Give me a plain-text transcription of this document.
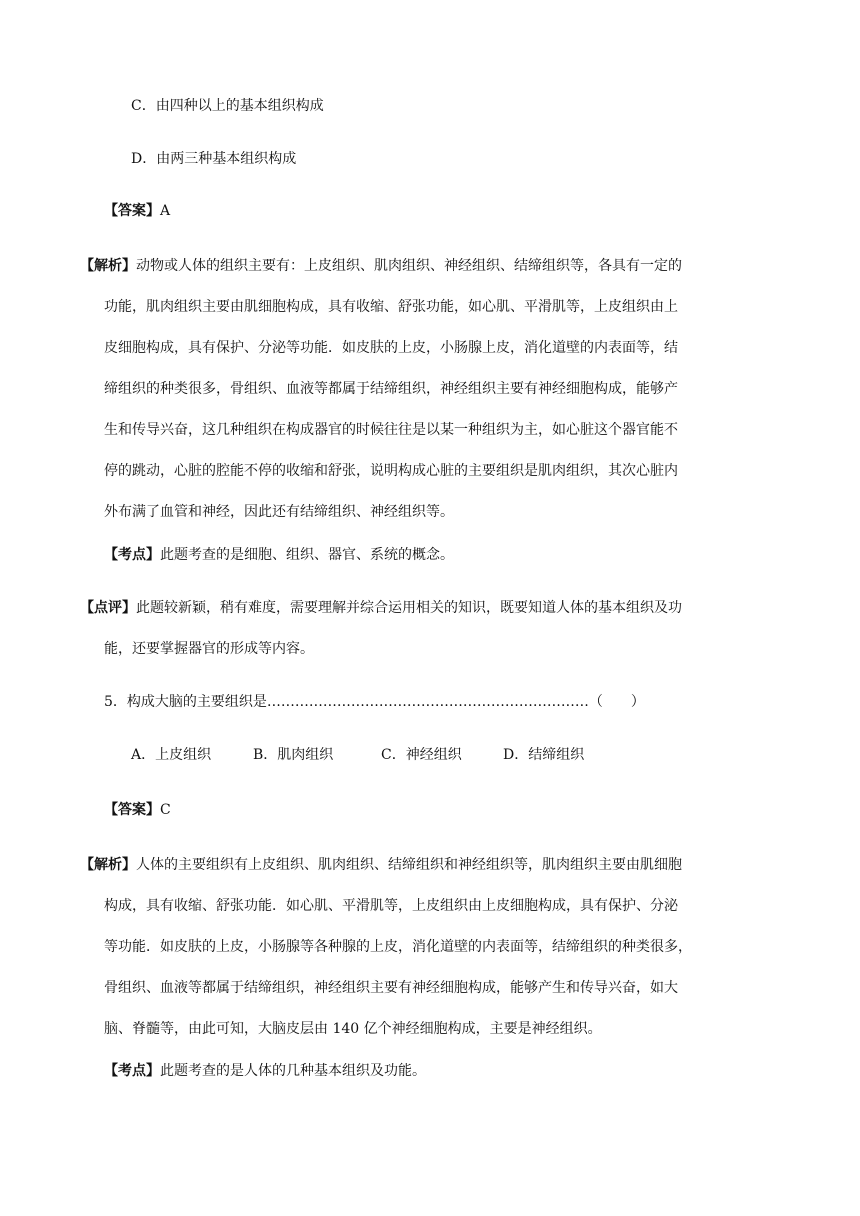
C．由四种以上的基本组织构成
D．由两三种基本组织构成
【答案】A
【解析】动物或人体的组织主要有：上皮组织、肌肉组织、神经组织、结缔组织等，各具有一定的
功能，肌肉组织主要由肌细胞构成，具有收缩、舒张功能，如心肌、平滑肌等，上皮组织由上
皮细胞构成，具有保护、分泌等功能．如皮肤的上皮，小肠腺上皮，消化道壁的内表面等，结
缔组织的种类很多，骨组织、血液等都属于结缔组织，神经组织主要有神经细胞构成，能够产
生和传导兴奋，这几种组织在构成器官的时候往往是以某一种组织为主，如心脏这个器官能不
停的跳动，心脏的腔能不停的收缩和舒张，说明构成心脏的主要组织是肌肉组织，其次心脏内
外布满了血管和神经，因此还有结缔组织、神经组织等。
【考点】此题考查的是细胞、组织、器官、系统的概念。
【点评】此题较新颖，稍有难度，需要理解并综合运用相关的知识，既要知道人体的基本组织及功
能，还要掌握器官的形成等内容。
5．构成大脑的主要组织是……………………………………………………………（　　）
A．上皮组织	B．肌肉组织	C．神经组织	D．结缔组织
【答案】C
【解析】人体的主要组织有上皮组织、肌肉组织、结缔组织和神经组织等，肌肉组织主要由肌细胞
构成，具有收缩、舒张功能．如心肌、平滑肌等，上皮组织由上皮细胞构成，具有保护、分泌
等功能．如皮肤的上皮，小肠腺等各种腺的上皮，消化道壁的内表面等，结缔组织的种类很多，
骨组织、血液等都属于结缔组织，神经组织主要有神经细胞构成，能够产生和传导兴奋，如大
脑、脊髓等，由此可知，大脑皮层由 140 亿个神经细胞构成，主要是神经组织。
【考点】此题考查的是人体的几种基本组织及功能。
